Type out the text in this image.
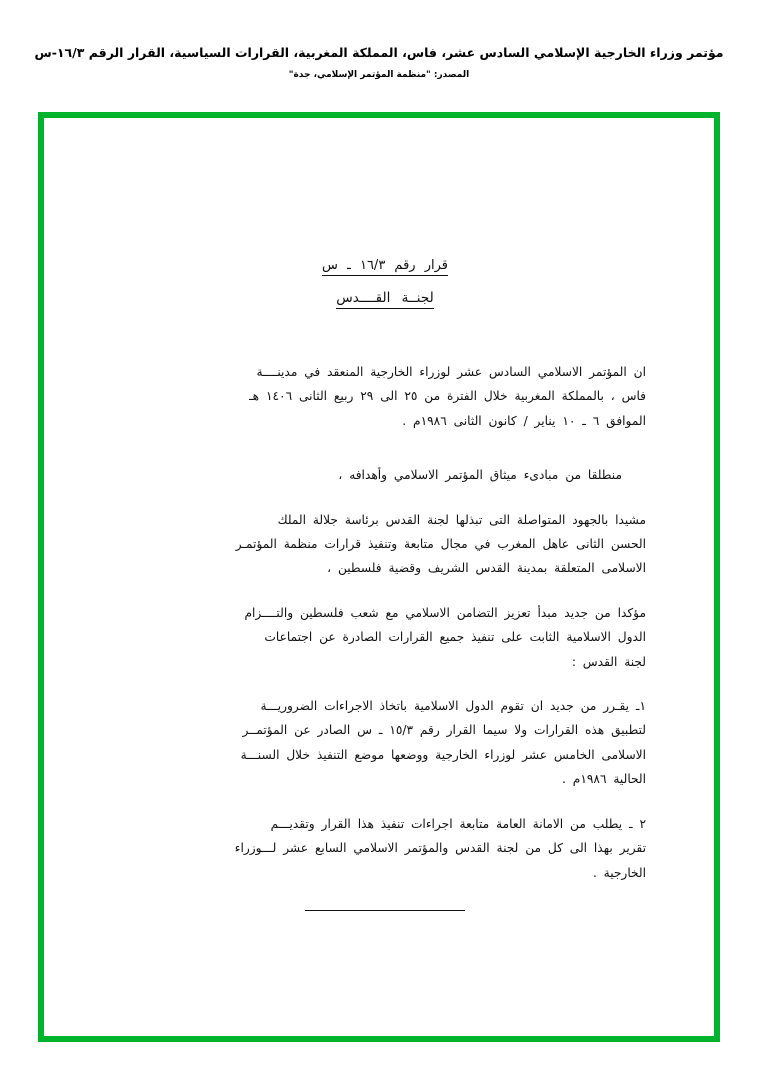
مؤتمر وزراء الخارجية الإسلامي السادس عشر، فاس، المملكة المغربية، القرارات السياسية، القرار الرقم ١٦/٣-س
المصدر: "منظمة المؤتمر الإسلامي، جدة"
قرار رقم ١٦/٣ ـ س
لجنــة القــــدس

ان المؤتمر الاسلامي السادس عشر لوزراء الخارجية المنعقد في مدينــــة

فاس ، بالمملكة المغربية خلال الفترة من ٢٥ الى ٢٩ ربيع الثانى ١٤٠٦ هـ

الموافق ٦ ـ ١٠ يناير / كانون الثانى ١٩٨٦م .

منطلقا من مبادىء ميثاق المؤتمر الاسلامي وأهدافه ،

مشيدا بالجهود المتواصلة التى تبذلها لجنة القدس برئاسة جلالة الملك

الحسن الثانى عاهل المغرب في مجال متابعة وتنفيذ قرارات منظمة المؤتمـر

الاسلامى المتعلقة بمدينة القدس الشريف وقضية فلسطين ،

مؤكدا من جديد مبدأ تعزيز التضامن الاسلامي مع شعب فلسطين والتــــزام

الدول الاسلامية الثابت على تنفيذ جميع القرارات الصادرة عن اجتماعات

لجنة القدس :

١ـ يقـرر من جديد ان تقوم الدول الاسلامية باتخاذ الاجراءات الضروريـــة

لتطبيق هذه القرارات ولا سيما القرار رقم ١٥/٣ ـ س الصادر عن المؤتمــر

الاسلامى الخامس عشر لوزراء الخارجية ووضعها موضع التنفيذ خلال السنـــة

الحالية ١٩٨٦م .

٢ ـ يطلب من الامانة العامة متابعة اجراءات تنفيذ هذا القرار وتقديـــم

تقرير بهذا الى كل من لجنة القدس والمؤتمر الاسلامي السابع عشر لـــوزراء

الخارجية .
